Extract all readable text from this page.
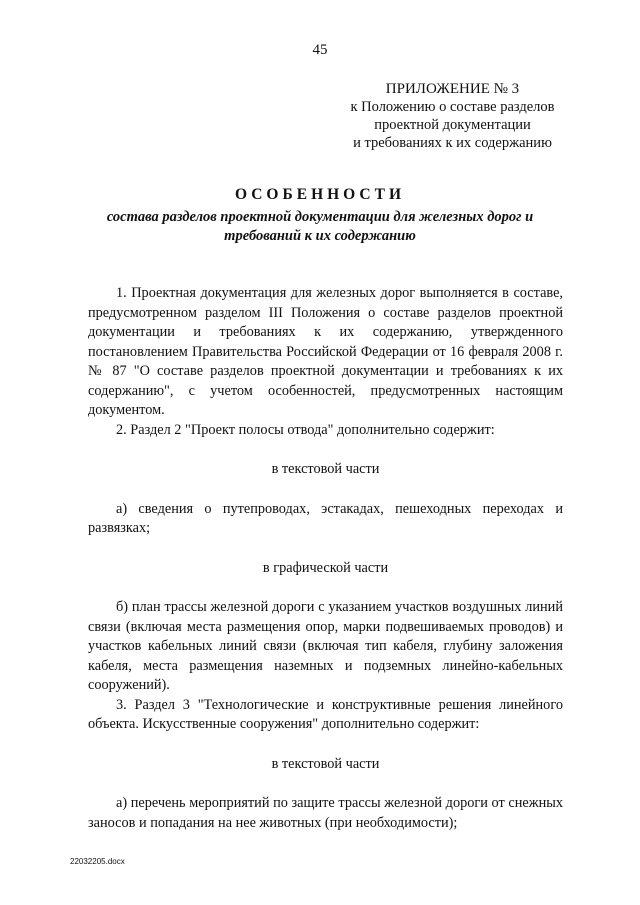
45
ПРИЛОЖЕНИЕ № 3
к Положению о составе разделов
проектной документации
и требованиях к их содержанию
ОСОБЕННОСТИ
состава разделов проектной документации для железных дорог и требований к их содержанию

1. Проектная документация для железных дорог выполняется в составе, предусмотренном разделом III Положения о составе разделов проектной документации и требованиях к их содержанию, утвержденного постановлением Правительства Российской Федерации от 16 февраля 2008 г. № 87 "О составе разделов проектной документации и требованиях к их содержанию", с учетом особенностей, предусмотренных настоящим документом.

2. Раздел 2 "Проект полосы отвода" дополнительно содержит:

в текстовой части

а) сведения о путепроводах, эстакадах, пешеходных переходах и развязках;

в графической части

б) план трассы железной дороги с указанием участков воздушных линий связи (включая места размещения опор, марки подвешиваемых проводов) и участков кабельных линий связи (включая тип кабеля, глубину заложения кабеля, места размещения наземных и подземных линейно-кабельных сооружений).

3. Раздел 3 "Технологические и конструктивные решения линейного объекта. Искусственные сооружения" дополнительно содержит:

в текстовой части

а) перечень мероприятий по защите трассы железной дороги от снежных заносов и попадания на нее животных (при необходимости);

22032205.docx
